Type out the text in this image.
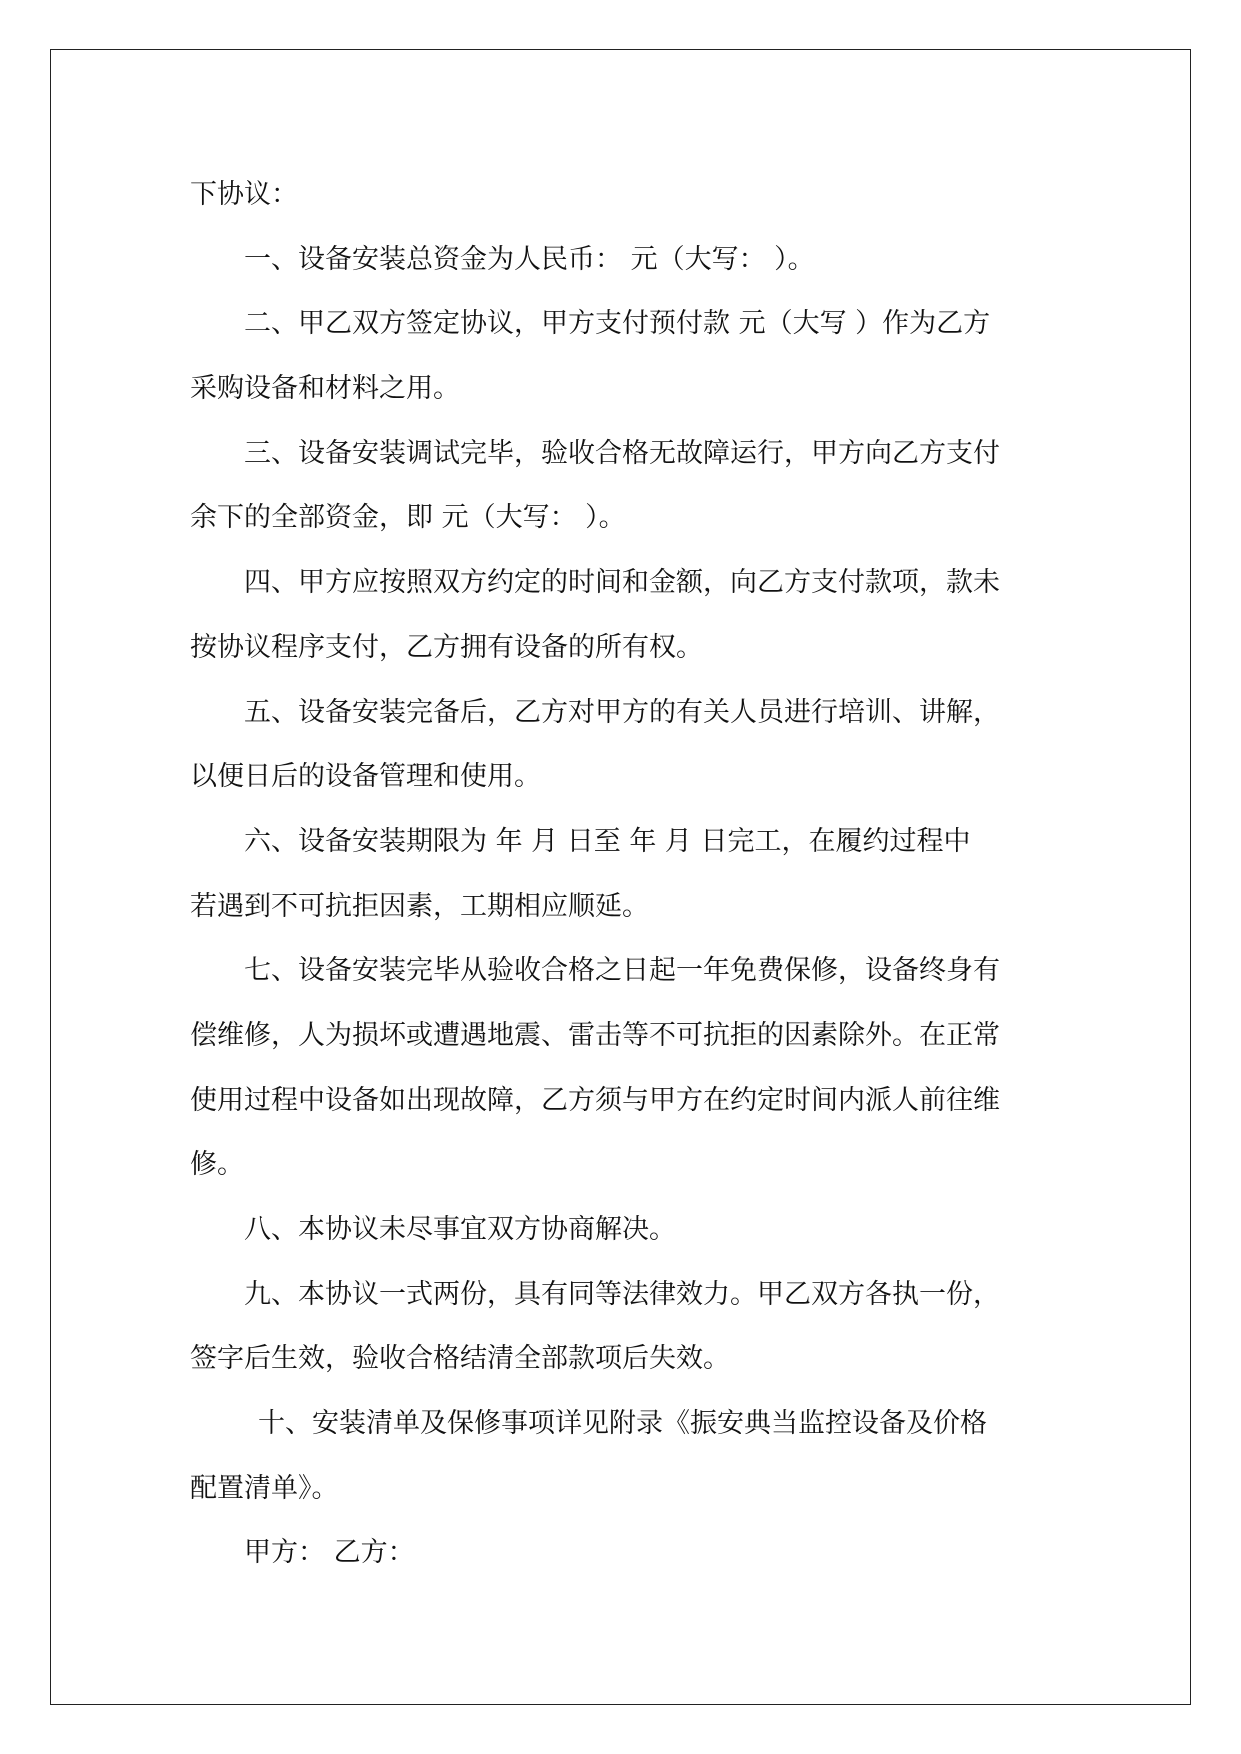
下协议：
一、设备安装总资金为人民币： 元（大写： ）。
二、甲乙双方签定协议，甲方支付预付款 元（大写 ）作为乙方
采购设备和材料之用。
三、设备安装调试完毕，验收合格无故障运行，甲方向乙方支付
余下的全部资金，即 元（大写： ）。
四、甲方应按照双方约定的时间和金额，向乙方支付款项，款未
按协议程序支付，乙方拥有设备的所有权。
五、设备安装完备后，乙方对甲方的有关人员进行培训、讲解，
以便日后的设备管理和使用。
六、设备安装期限为 年 月 日至 年 月 日完工，在履约过程中
若遇到不可抗拒因素，工期相应顺延。
七、设备安装完毕从验收合格之日起一年免费保修，设备终身有
偿维修，人为损坏或遭遇地震、雷击等不可抗拒的因素除外。在正常
使用过程中设备如出现故障，乙方须与甲方在约定时间内派人前往维
修。
八、本协议未尽事宜双方协商解决。
九、本协议一式两份，具有同等法律效力。甲乙双方各执一份，
签字后生效，验收合格结清全部款项后失效。
十、安装清单及保修事项详见附录《振安典当监控设备及价格
配置清单》。
甲方： 乙方：
